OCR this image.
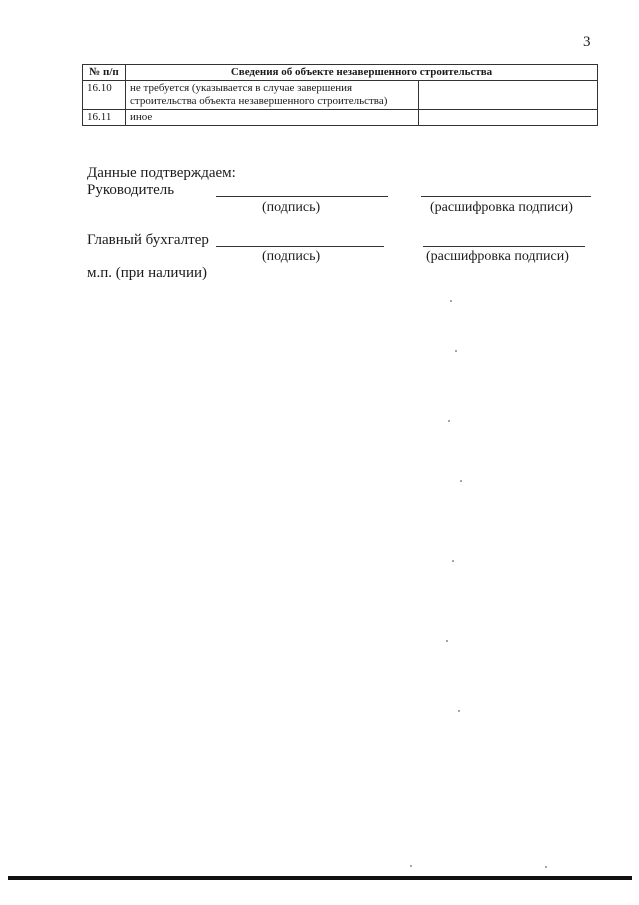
3
№ п/п	Сведения об объекте незавершенного строительства	
16.10	не требуется (указывается в случае завершения строительства объекта незавершенного строительства)	
16.11	иное	
Данные подтверждаем:
Руководитель
(подпись)	(расшифровка подписи)
Главный бухгалтер
(подпись)	(расшифровка подписи)
м.п. (при наличии)
